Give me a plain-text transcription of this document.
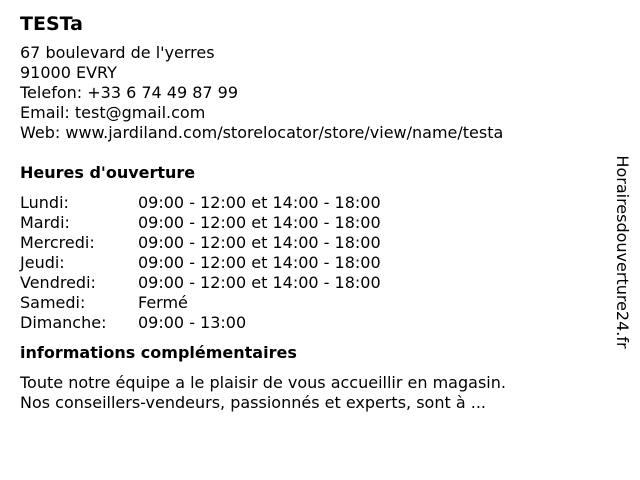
TESTa
67 boulevard de l'yerres
91000 EVRY
Telefon: +33 6 74 49 87 99
Email: test@gmail.com
Web: www.jardiland.com/storelocator/store/view/name/testa
Heures d'ouverture
Lundi:	09:00 - 12:00 et 14:00 - 18:00
Mardi:	09:00 - 12:00 et 14:00 - 18:00
Mercredi:	09:00 - 12:00 et 14:00 - 18:00
Jeudi:	09:00 - 12:00 et 14:00 - 18:00
Vendredi:	09:00 - 12:00 et 14:00 - 18:00
Samedi:	Fermé
Dimanche:	09:00 - 13:00
informations complémentaires
Toute notre équipe a le plaisir de vous accueillir en magasin.
Nos conseillers-vendeurs, passionnés et experts, sont à ...
Horairesdouverture24.fr
